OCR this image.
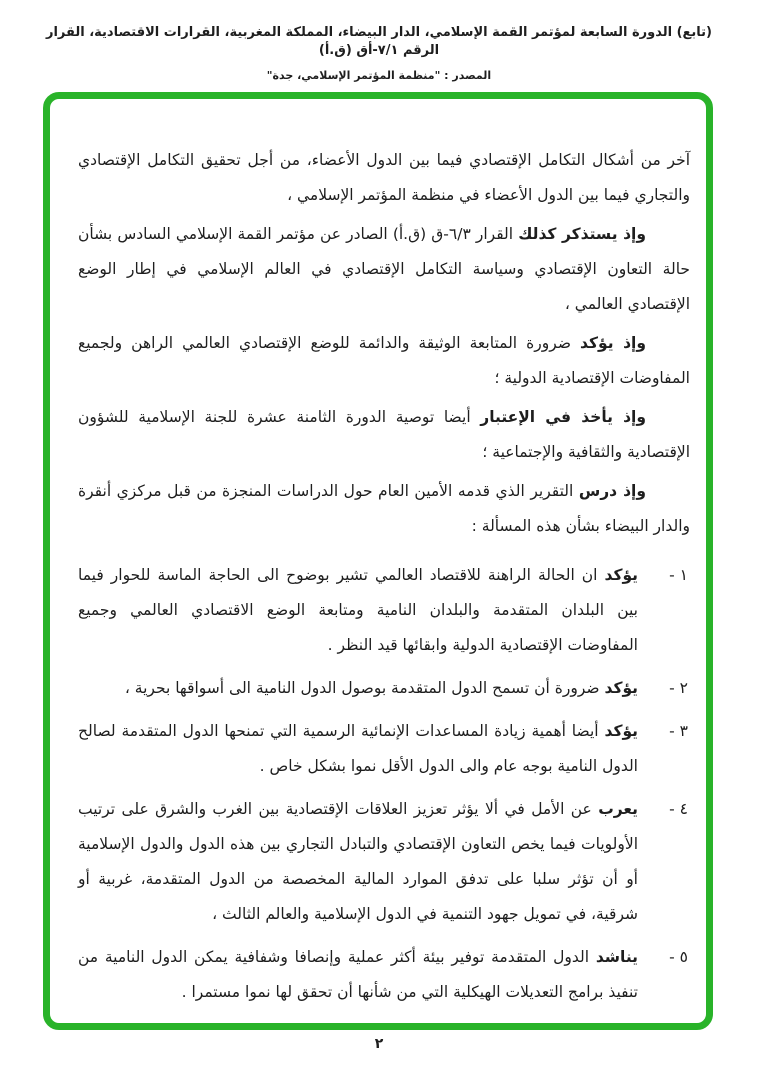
(تابع) الدورة السابعة لمؤتمر القمة الإسلامي، الدار البيضاء، المملكة المغربية، القرارات الاقتصادية، القرار الرقم ٧/١-أق (ق.أ)
المصدر : "منظمة المؤتمر الإسلامي، جدة"

آخر من أشكال التكامل الإقتصادي فيما بين الدول الأعضاء، من أجل تحقيق التكامل الإقتصادي والتجاري فيما بين الدول الأعضاء في منظمة المؤتمر الإسلامي ،

وإذ يستذكر كذلك القرار ٦/٣-ق (ق.أ) الصادر عن مؤتمر القمة الإسلامي السادس بشأن حالة التعاون الإقتصادي وسياسة التكامل الإقتصادي في العالم الإسلامي في إطار الوضع الإقتصادي العالمي ،

وإذ يؤكد ضرورة المتابعة الوثيقة والدائمة للوضع الإقتصادي العالمي الراهن ولجميع المفاوضات الإقتصادية الدولية ؛

وإذ يأخذ في الإعتبار أيضا توصية الدورة الثامنة عشرة للجنة الإسلامية للشؤون الإقتصادية والثقافية والإجتماعية ؛

وإذ درس التقرير الذي قدمه الأمين العام حول الدراسات المنجزة من قبل مركزي أنقرة والدار البيضاء بشأن هذه المسألة :

١ -

يؤكد ان الحالة الراهنة للاقتصاد العالمي تشير بوضوح الى الحاجة الماسة للحوار فيما بين البلدان المتقدمة والبلدان النامية ومتابعة الوضع الاقتصادي العالمي وجميع المفاوضات الإقتصادية الدولية وابقائها قيد النظر .

٢ -

يؤكد ضرورة أن تسمح الدول المتقدمة بوصول الدول النامية الى أسواقها بحرية ،

٣ -

يؤكد أيضا أهمية زيادة المساعدات الإنمائية الرسمية التي تمنحها الدول المتقدمة لصالح الدول النامية بوجه عام والى الدول الأقل نموا بشكل خاص .

٤ -

يعرب عن الأمل في ألا يؤثر تعزيز العلاقات الإقتصادية بين الغرب والشرق على ترتيب الأولويات فيما يخص التعاون الإقتصادي والتبادل التجاري بين هذه الدول والدول الإسلامية أو أن تؤثر سلبا على تدفق الموارد المالية المخصصة من الدول المتقدمة، غربية أو شرقية، في تمويل جهود التنمية في الدول الإسلامية والعالم الثالث ،

٥ -

يناشد الدول المتقدمة توفير بيئة أكثر عملية وإنصافا وشفافية يمكن الدول النامية من تنفيذ برامج التعديلات الهيكلية التي من شأنها أن تحقق لها نموا مستمرا .

٢
